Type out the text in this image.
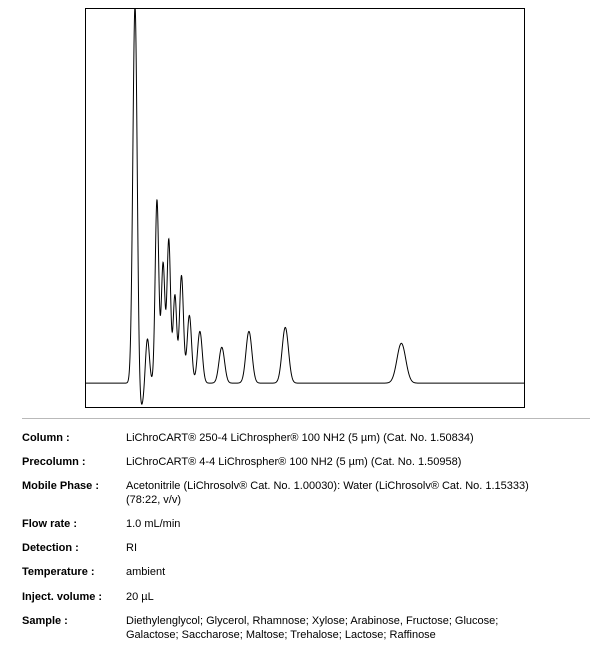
Column :	LiChroCART® 250-4 LiChrospher® 100 NH2 (5 µm) (Cat. No. 1.50834)

Precolumn :	LiChroCART® 4-4 LiChrospher® 100 NH2 (5 µm) (Cat. No. 1.50958)

Mobile Phase :	Acetonitrile (LiChrosolv® Cat. No. 1.00030): Water (LiChrosolv® Cat. No. 1.15333)
(78:22, v/v)

Flow rate :	1.0 mL/min

Detection :	RI

Temperature :	ambient

Inject. volume :	20 µL

Sample :	Diethylenglycol; Glycerol, Rhamnose; Xylose; Arabinose, Fructose; Glucose;
Galactose; Saccharose; Maltose; Trehalose; Lactose; Raffinose
